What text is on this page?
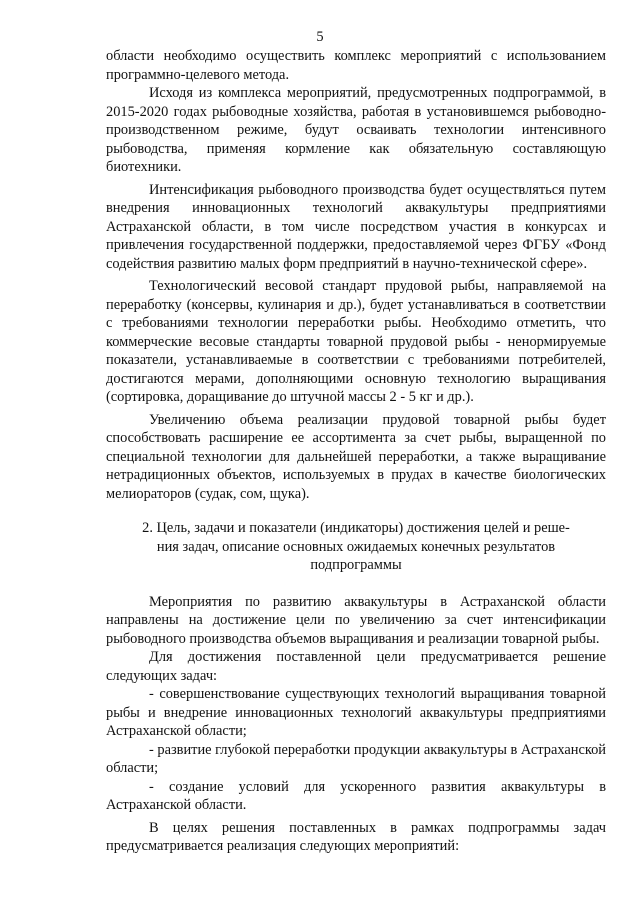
5

области необходимо осуществить комплекс мероприятий с использованием программно-целевого метода.

Исходя из комплекса мероприятий, предусмотренных подпрограммой, в 2015-2020 годах рыбоводные хозяйства, работая в установившемся рыбоводно-производственном режиме, будут осваивать технологии интенсивного рыбоводства, применяя кормление как обязательную составляющую биотехники.

Интенсификация рыбоводного производства будет осуществляться путем внедрения инновационных технологий аквакультуры предприятиями Астраханской области, в том числе посредством участия в конкурсах и привлечения государственной поддержки, предоставляемой через ФГБУ «Фонд содействия развитию малых форм предприятий в научно-технической сфере».

Технологический весовой стандарт прудовой рыбы, направляемой на переработку (консервы, кулинария и др.), будет устанавливаться в соответствии с требованиями технологии переработки рыбы. Необходимо отметить, что коммерческие весовые стандарты товарной прудовой рыбы - ненормируемые показатели, устанавливаемые в соответствии с требованиями потребителей, достигаются мерами, дополняющими основную технологию выращивания (сортировка, доращивание до штучной массы 2 - 5 кг и др.).

Увеличению объема реализации прудовой товарной рыбы будет способствовать расширение ее ассортимента за счет рыбы, выращенной по специальной технологии для дальнейшей переработки, а также выращивание нетрадиционных объектов, используемых в прудах в качестве биологических мелиораторов (судак, сом, щука).

2. Цель, задачи и показатели (индикаторы) достижения целей и реше-
ния задач, описание основных ожидаемых конечных результатов
подпрограммы

Мероприятия по развитию аквакультуры в Астраханской области направлены на достижение цели по увеличению за счет интенсификации рыбоводного производства объемов выращивания и реализации товарной рыбы.

Для достижения поставленной цели предусматривается решение следующих задач:

- совершенствование существующих технологий выращивания товарной рыбы и внедрение инновационных технологий аквакультуры предприятиями Астраханской области;

- развитие глубокой переработки продукции аквакультуры в Астраханской области;

- создание условий для ускоренного развития аквакультуры в Астраханской области.

В целях решения поставленных в рамках подпрограммы задач предусматривается реализация следующих мероприятий:
